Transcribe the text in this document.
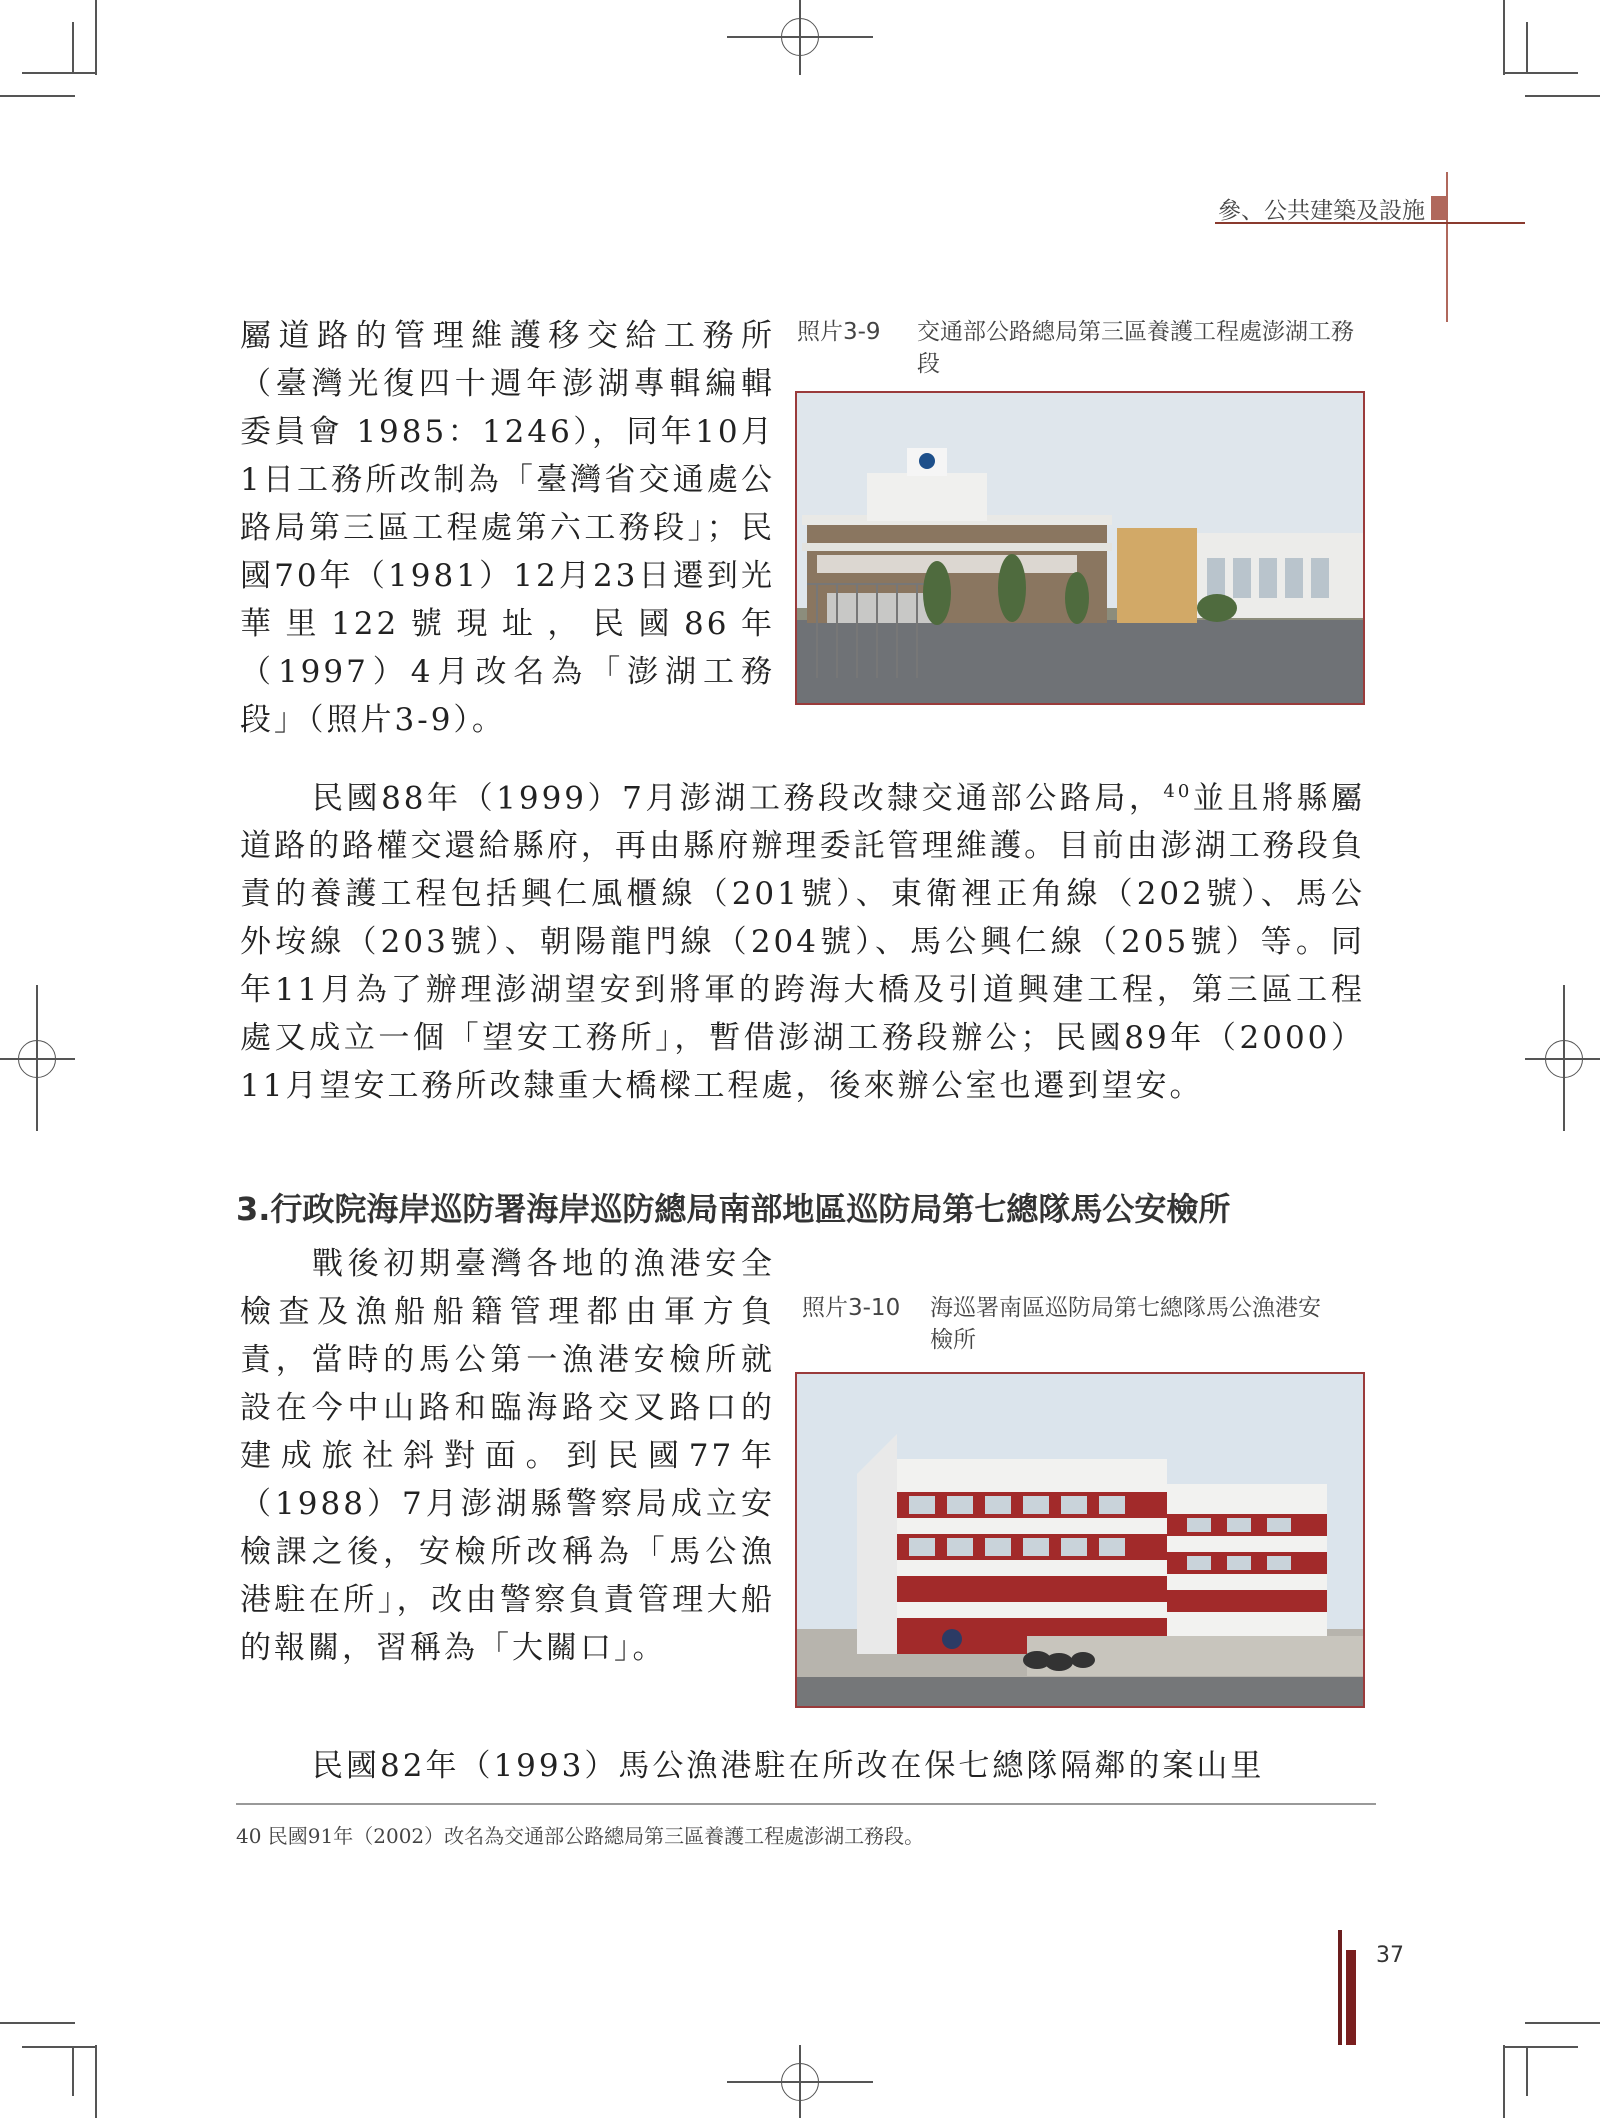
參、公共建築及設施

屬道路的管理維護移交給工務所（臺灣光復四十週年澎湖專輯編輯委員會 1985：1246），同年10月1日工務所改制為「臺灣省交通處公路局第三區工程處第六工務段」；民國70年（1981）12月23日遷到光華里122號現址，民國86年（1997）4月改名為「澎湖工務段」（照片3-9）。

照片3-9	交通部公路總局第三區養護工程處澎湖工務段

民國88年（1999）7月澎湖工務段改隸交通部公路局，$^{40}$並且將縣屬道路的路權交還給縣府，再由縣府辦理委託管理維護。目前由澎湖工務段負責的養護工程包括興仁風櫃線（201號）、東衛裡正角線（202號）、馬公外垵線（203號）、朝陽龍門線（204號）、馬公興仁線（205號）等。同年11月為了辦理澎湖望安到將軍的跨海大橋及引道興建工程，第三區工程處又成立一個「望安工務所」，暫借澎湖工務段辦公；民國89年（2000）11月望安工務所改隸重大橋樑工程處，後來辦公室也遷到望安。

3.行政院海岸巡防署海岸巡防總局南部地區巡防局第七總隊馬公安檢所

戰後初期臺灣各地的漁港安全檢查及漁船船籍管理都由軍方負責，當時的馬公第一漁港安檢所就設在今中山路和臨海路交叉路口的建成旅社斜對面。到民國77年（1988）7月澎湖縣警察局成立安檢課之後，安檢所改稱為「馬公漁港駐在所」，改由警察負責管理大船的報關，習稱為「大關口」。

照片3-10	海巡署南區巡防局第七總隊馬公漁港安檢所

民國82年（1993）馬公漁港駐在所改在保七總隊隔鄰的案山里

40 民國91年（2002）改名為交通部公路總局第三區養護工程處澎湖工務段。
37
